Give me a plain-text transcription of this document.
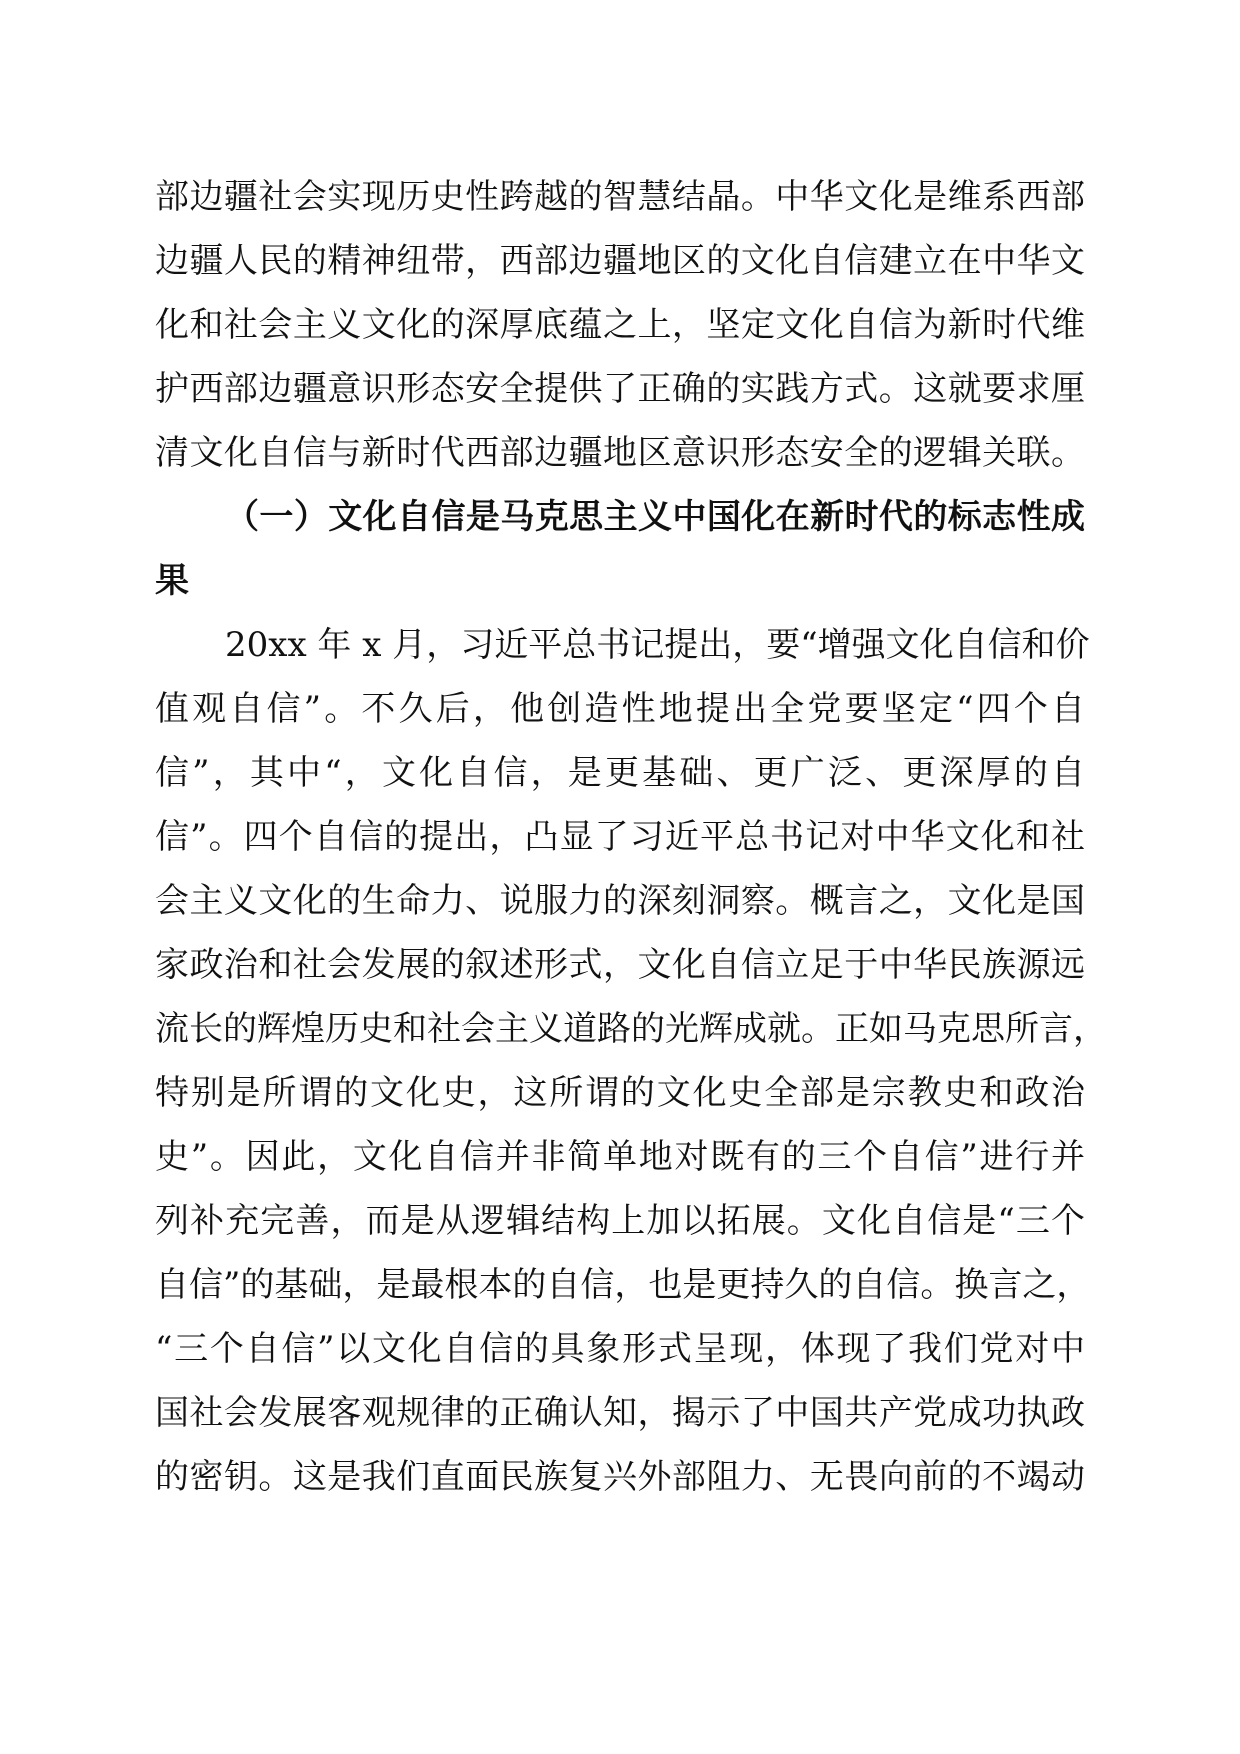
部边疆社会实现历史性跨越的智慧结晶。中华文化是维系西部
边疆人民的精神纽带，西部边疆地区的文化自信建立在中华文
化和社会主义文化的深厚底蕴之上，坚定文化自信为新时代维
护西部边疆意识形态安全提供了正确的实践方式。这就要求厘
清文化自信与新时代西部边疆地区意识形态安全的逻辑关联。
（一）文化自信是马克思主义中国化在新时代的标志性成
果
20xx 年 x 月，习近平总书记提出，要“增强文化自信和价
值观自信”。不久后，他创造性地提出全党要坚定“四个自
信”，其中“，文化自信，是更基础、更广泛、更深厚的自
信”。四个自信的提出，凸显了习近平总书记对中华文化和社
会主义文化的生命力、说服力的深刻洞察。概言之，文化是国
家政治和社会发展的叙述形式，文化自信立足于中华民族源远
流长的辉煌历史和社会主义道路的光辉成就。正如马克思所言，
特别是所谓的文化史，这所谓的文化史全部是宗教史和政治
史”。因此，文化自信并非简单地对既有的三个自信”进行并
列补充完善，而是从逻辑结构上加以拓展。文化自信是“三个
自信”的基础，是最根本的自信，也是更持久的自信。换言之，
“三个自信”以文化自信的具象形式呈现，体现了我们党对中
国社会发展客观规律的正确认知，揭示了中国共产党成功执政
的密钥。这是我们直面民族复兴外部阻力、无畏向前的不竭动
